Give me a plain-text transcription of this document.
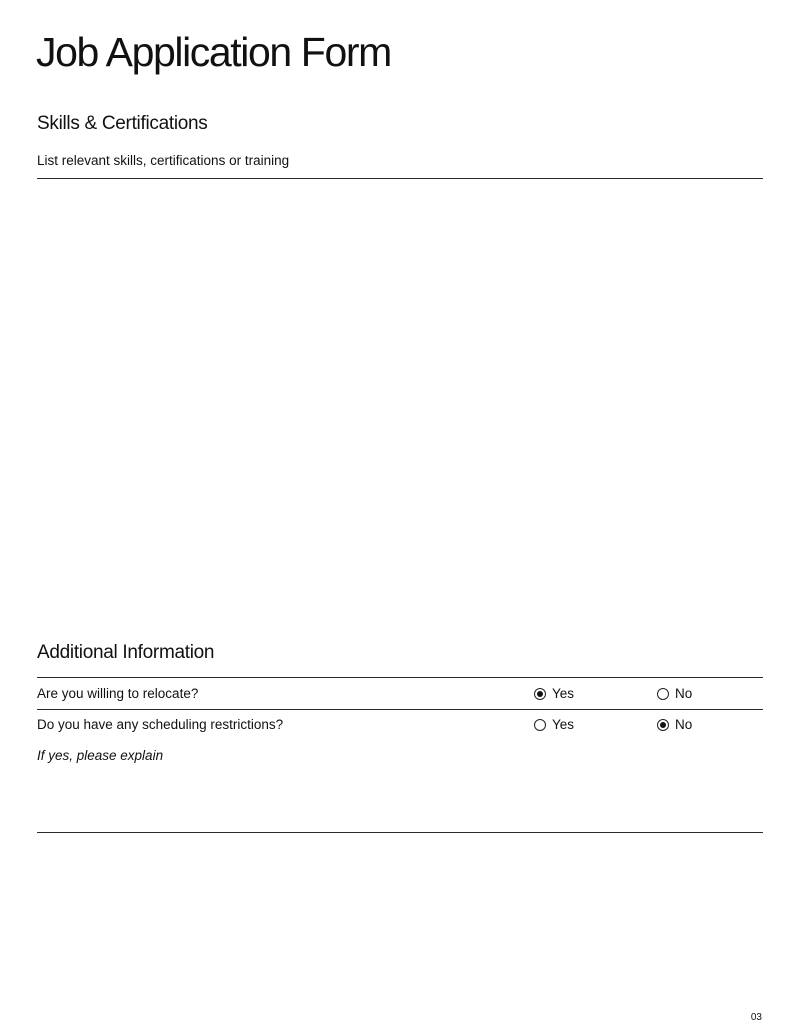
Job Application Form
Skills & Certifications
List relevant skills, certifications or training
Additional Information
Are you willing to relocate?	Yes	No
Do you have any scheduling restrictions?	Yes	No
If yes, please explain
03
